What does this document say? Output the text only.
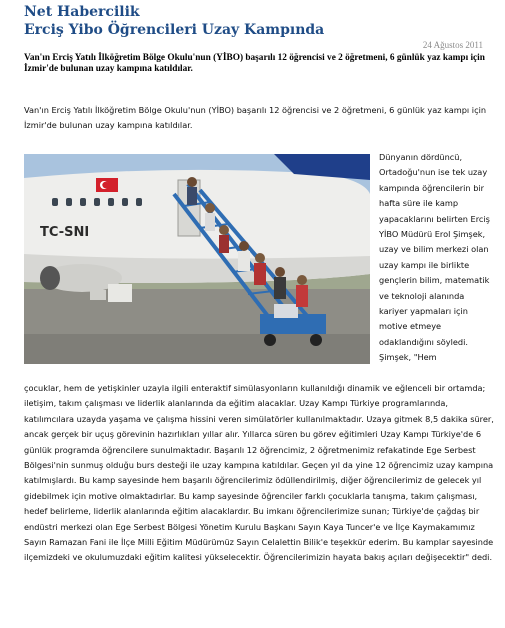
Net Habercilik
Erciş Yibo Öğrencileri Uzay Kampında
24 Ağustos 2011

Van'ın Erciş Yatılı İlköğretim Bölge Okulu'nun (YİBO) başarılı 12 öğrencisi ve 2 öğretmeni, 6 günlük yaz kampı için İzmir'de bulunan uzay kampına katıldılar.

Van'ın Erciş Yatılı İlköğretim Bölge Okulu'nun (YİBO) başarılı 12 öğrencisi ve 2 öğretmeni, 6 günlük yaz kampı için İzmir'de bulunan uzay kampına katıldılar.

TC-SNI

Dünyanın dördüncü, Ortadoğu'nun ise tek uzay kampında öğrencilerin bir hafta süre ile kamp yapacaklarını belirten Erciş YİBO Müdürü Erol Şimşek, uzay ve bilim merkezi olan uzay kampı ile birlikte gençlerin bilim, matematik ve teknoloji alanında kariyer yapmaları için motive etmeye odaklandığını söyledi. Şimşek, "Hem

çocuklar, hem de yetişkinler uzayla ilgili enteraktif simülasyonların kullanıldığı dinamik ve eğlenceli bir ortamda; iletişim, takım çalışması ve liderlik alanlarında da eğitim alacaklar. Uzay Kampı Türkiye programlarında, katılımcılara uzayda yaşama ve çalışma hissini veren simülatörler kullanılmaktadır. Uzaya gitmek 8,5 dakika sürer, ancak gerçek bir uçuş görevinin hazırlıkları yıllar alır. Yıllarca süren bu görev eğitimleri Uzay Kampı Türkiye'de 6 günlük programda öğrencilere sunulmaktadır. Başarılı 12 öğrencimiz, 2 öğretmenimiz refakatinde Ege Serbest Bölgesi'nin sunmuş olduğu burs desteği ile uzay kampına katıldılar. Geçen yıl da yine 12 öğrencimiz uzay kampına katılmışlardı. Bu kamp sayesinde hem başarılı öğrencilerimiz ödüllendirilmiş, diğer öğrencilerimiz de gelecek yıl gidebilmek için motive olmaktadırlar. Bu kamp sayesinde öğrenciler farklı çocuklarla tanışma, takım çalışması, hedef belirleme, liderlik alanlarında eğitim alacaklardır. Bu imkanı öğrencilerimize sunan; Türkiye'de çağdaş bir endüstri merkezi olan Ege Serbest Bölgesi Yönetim Kurulu Başkanı Sayın Kaya Tuncer'e ve İlçe Kaymakamımız Sayın Ramazan Fani ile İlçe Milli Eğitim Müdürümüz Sayın Celalettin Bilik'e teşekkür ederim. Bu kamplar sayesinde ilçemizdeki ve okulumuzdaki eğitim kalitesi yükselecektir. Öğrencilerimizin hayata bakış açıları değişecektir" dedi.
